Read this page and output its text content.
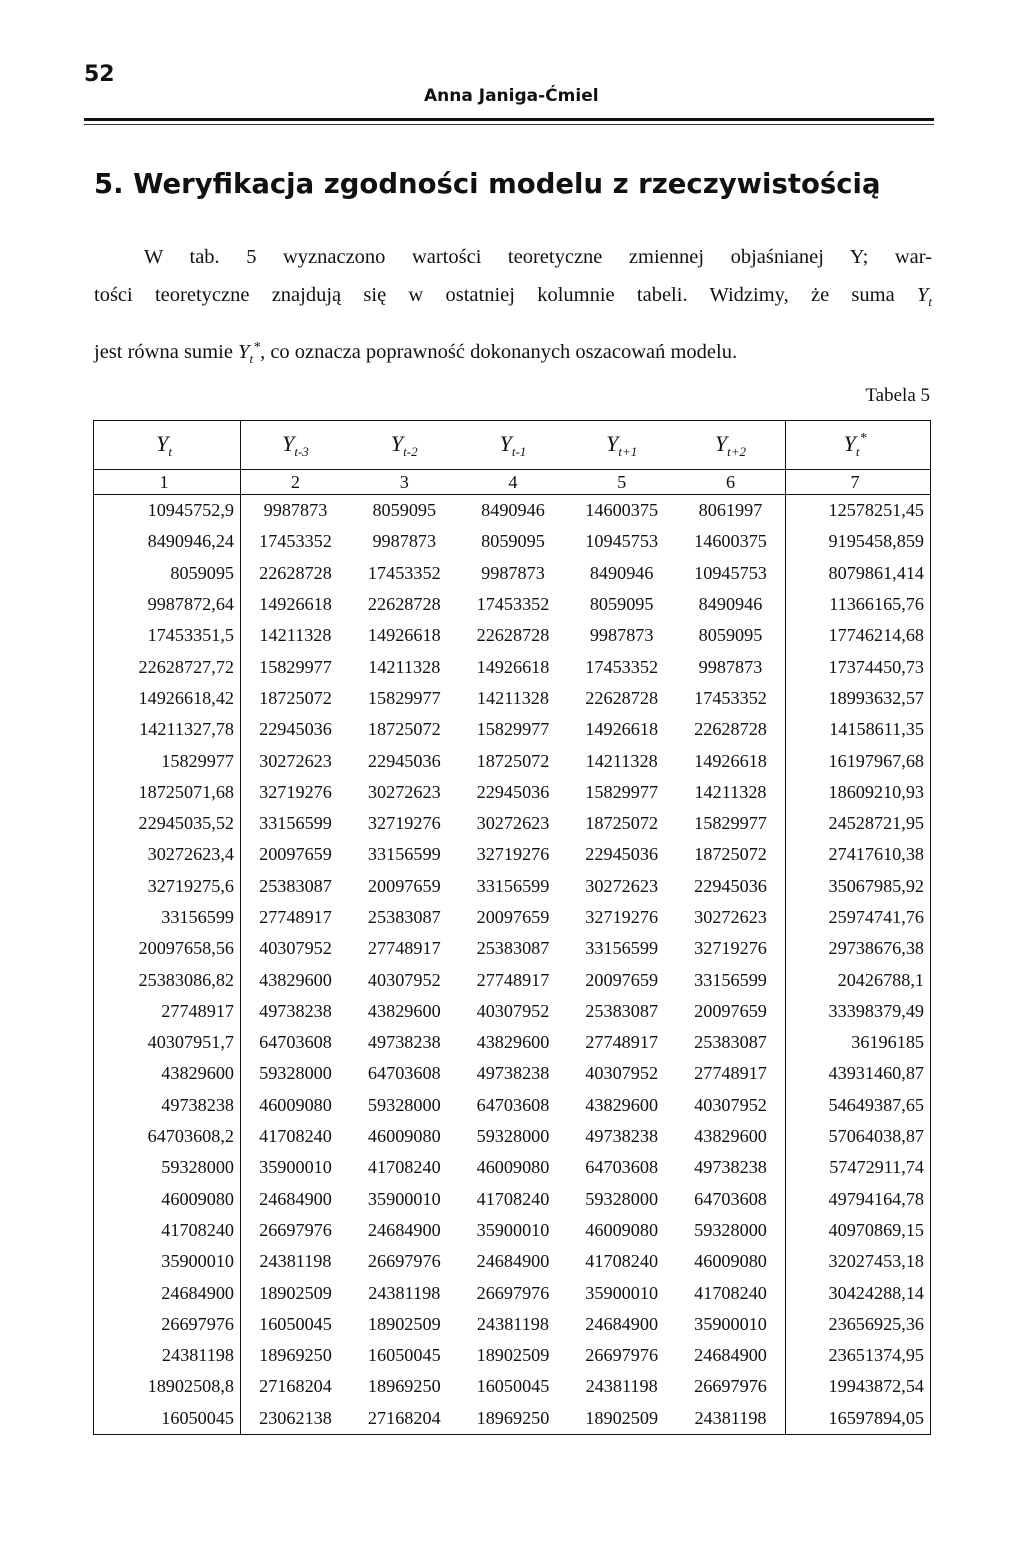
52
Anna Janiga-Ćmiel
5. Weryfikacja zgodności modelu z rzeczywistością
W tab. 5 wyznaczono wartości teoretyczne zmiennej objaśnianej Y; war-
tości teoretyczne znajdują się w ostatniej kolumnie tabeli. Widzimy, że suma $Y_t$
jest równa sumie $Y_t^*$, co oznacza poprawność dokonanych oszacowań modelu.
Tabela 5
$Y_t$	$Y_{t-3}$	$Y_{t-2}$	$Y_{t-1}$	$Y_{t+1}$	$Y_{t+2}$	$Y_t^*$
1	2	3	4	5	6	7
10945752,9	9987873	8059095	8490946	14600375	8061997	12578251,45
8490946,24	17453352	9987873	8059095	10945753	14600375	9195458,859
8059095	22628728	17453352	9987873	8490946	10945753	8079861,414
9987872,64	14926618	22628728	17453352	8059095	8490946	11366165,76
17453351,5	14211328	14926618	22628728	9987873	8059095	17746214,68
22628727,72	15829977	14211328	14926618	17453352	9987873	17374450,73
14926618,42	18725072	15829977	14211328	22628728	17453352	18993632,57
14211327,78	22945036	18725072	15829977	14926618	22628728	14158611,35
15829977	30272623	22945036	18725072	14211328	14926618	16197967,68
18725071,68	32719276	30272623	22945036	15829977	14211328	18609210,93
22945035,52	33156599	32719276	30272623	18725072	15829977	24528721,95
30272623,4	20097659	33156599	32719276	22945036	18725072	27417610,38
32719275,6	25383087	20097659	33156599	30272623	22945036	35067985,92
33156599	27748917	25383087	20097659	32719276	30272623	25974741,76
20097658,56	40307952	27748917	25383087	33156599	32719276	29738676,38
25383086,82	43829600	40307952	27748917	20097659	33156599	20426788,1
27748917	49738238	43829600	40307952	25383087	20097659	33398379,49
40307951,7	64703608	49738238	43829600	27748917	25383087	36196185
43829600	59328000	64703608	49738238	40307952	27748917	43931460,87
49738238	46009080	59328000	64703608	43829600	40307952	54649387,65
64703608,2	41708240	46009080	59328000	49738238	43829600	57064038,87
59328000	35900010	41708240	46009080	64703608	49738238	57472911,74
46009080	24684900	35900010	41708240	59328000	64703608	49794164,78
41708240	26697976	24684900	35900010	46009080	59328000	40970869,15
35900010	24381198	26697976	24684900	41708240	46009080	32027453,18
24684900	18902509	24381198	26697976	35900010	41708240	30424288,14
26697976	16050045	18902509	24381198	24684900	35900010	23656925,36
24381198	18969250	16050045	18902509	26697976	24684900	23651374,95
18902508,8	27168204	18969250	16050045	24381198	26697976	19943872,54
16050045	23062138	27168204	18969250	18902509	24381198	16597894,05
